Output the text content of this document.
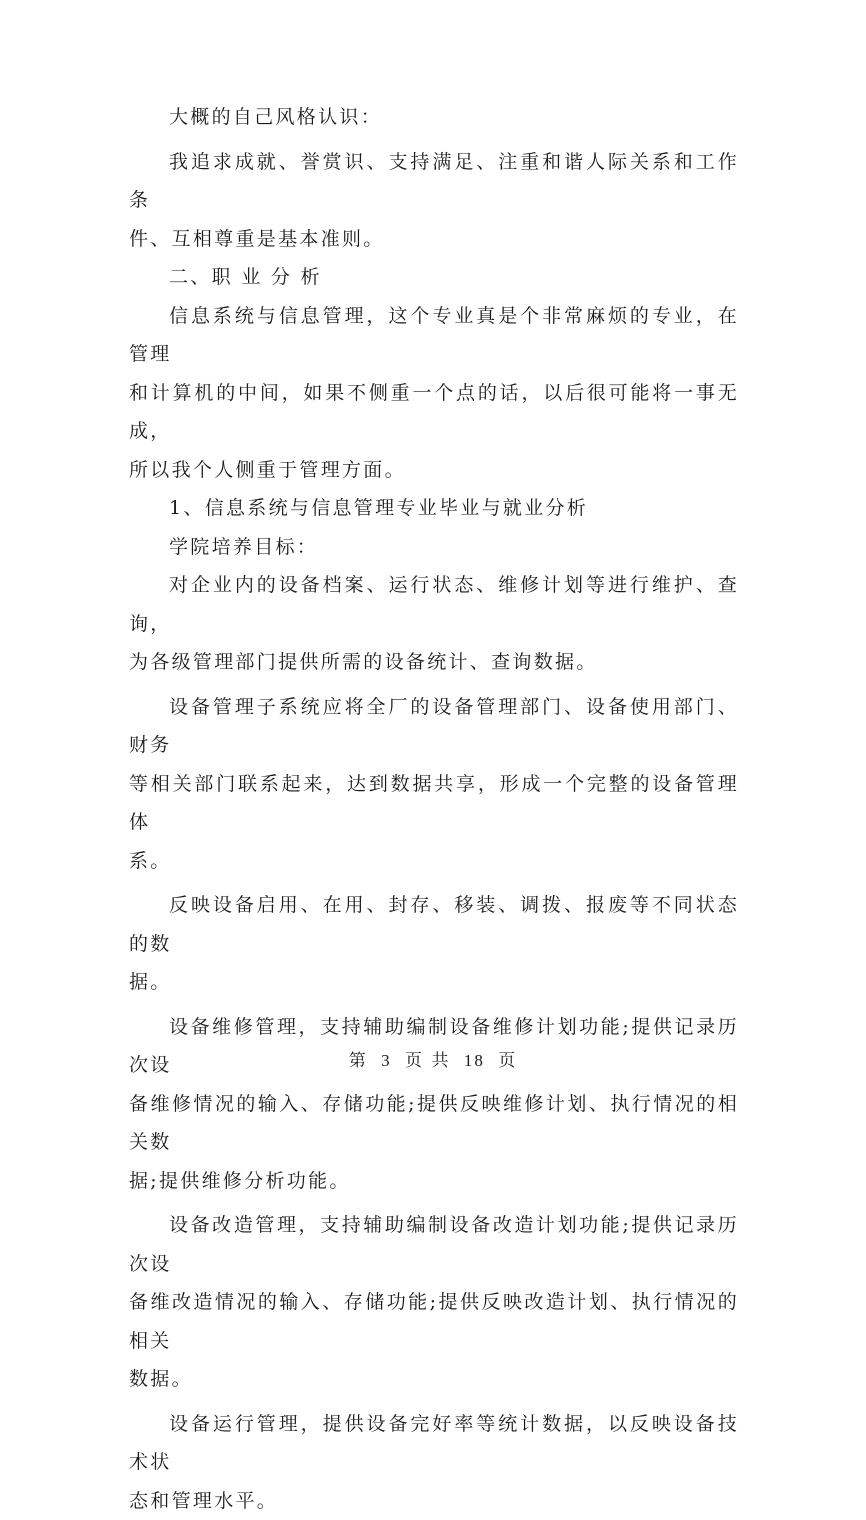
大概的自己风格认识：

我追求成就、誉赏识、支持满足、注重和谐人际关系和工作条
件、互相尊重是基本准则。

二、职 业 分 析

信息系统与信息管理，这个专业真是个非常麻烦的专业，在管理
和计算机的中间，如果不侧重一个点的话，以后很可能将一事无成，
所以我个人侧重于管理方面。

1、信息系统与信息管理专业毕业与就业分析

学院培养目标：

对企业内的设备档案、运行状态、维修计划等进行维护、查询，
为各级管理部门提供所需的设备统计、查询数据。

设备管理子系统应将全厂的设备管理部门、设备使用部门、财务
等相关部门联系起来，达到数据共享，形成一个完整的设备管理体
系。

反映设备启用、在用、封存、移装、调拨、报废等不同状态的数
据。

设备维修管理，支持辅助编制设备维修计划功能;提供记录历次设
备维修情况的输入、存储功能;提供反映维修计划、执行情况的相关数
据;提供维修分析功能。

设备改造管理，支持辅助编制设备改造计划功能;提供记录历次设
备维改造情况的输入、存储功能;提供反映改造计划、执行情况的相关
数据。

设备运行管理，提供设备完好率等统计数据，以反映设备技术状
态和管理水平。

第 3 页 共 18 页
